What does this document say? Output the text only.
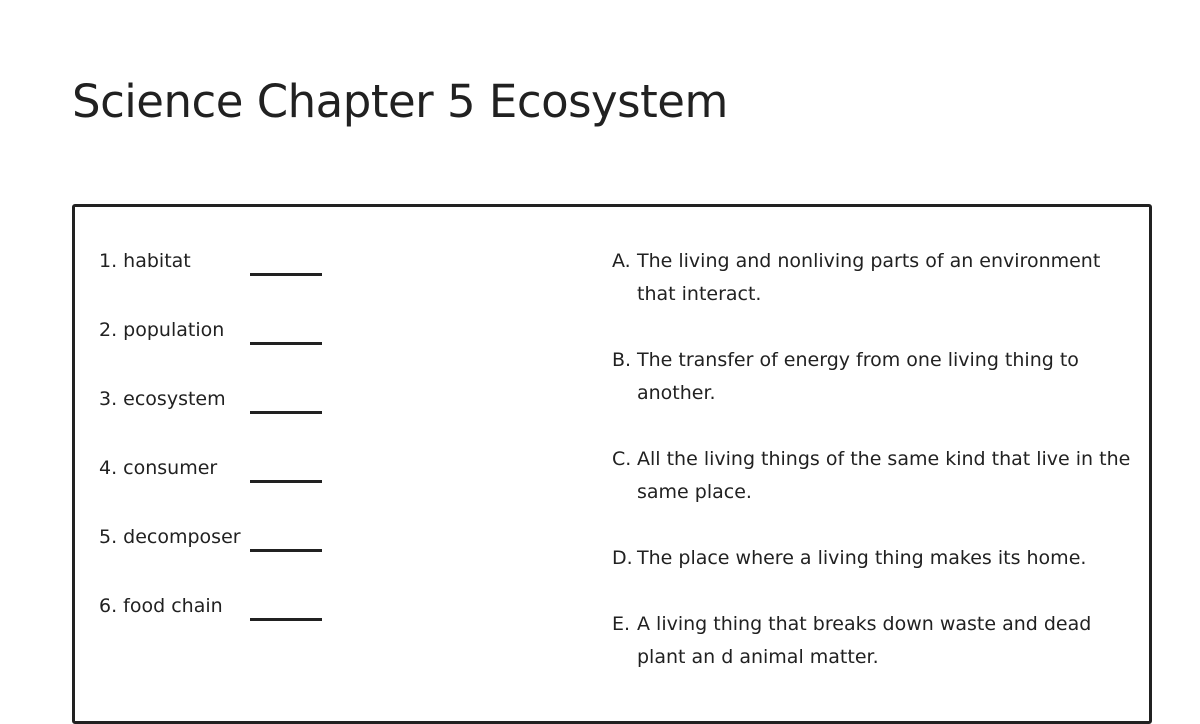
Science Chapter 5 Ecosystem
1. habitat
2. population
3. ecosystem
4. consumer
5. decomposer
6. food chain
A. The living and nonliving parts of an environment that interact.
B. The transfer of energy from one living thing to another.
C. All the living things of the same kind that live in the same place.
D. The place where a living thing makes its home.
E. A living thing that breaks down waste and dead plant an d animal matter.
